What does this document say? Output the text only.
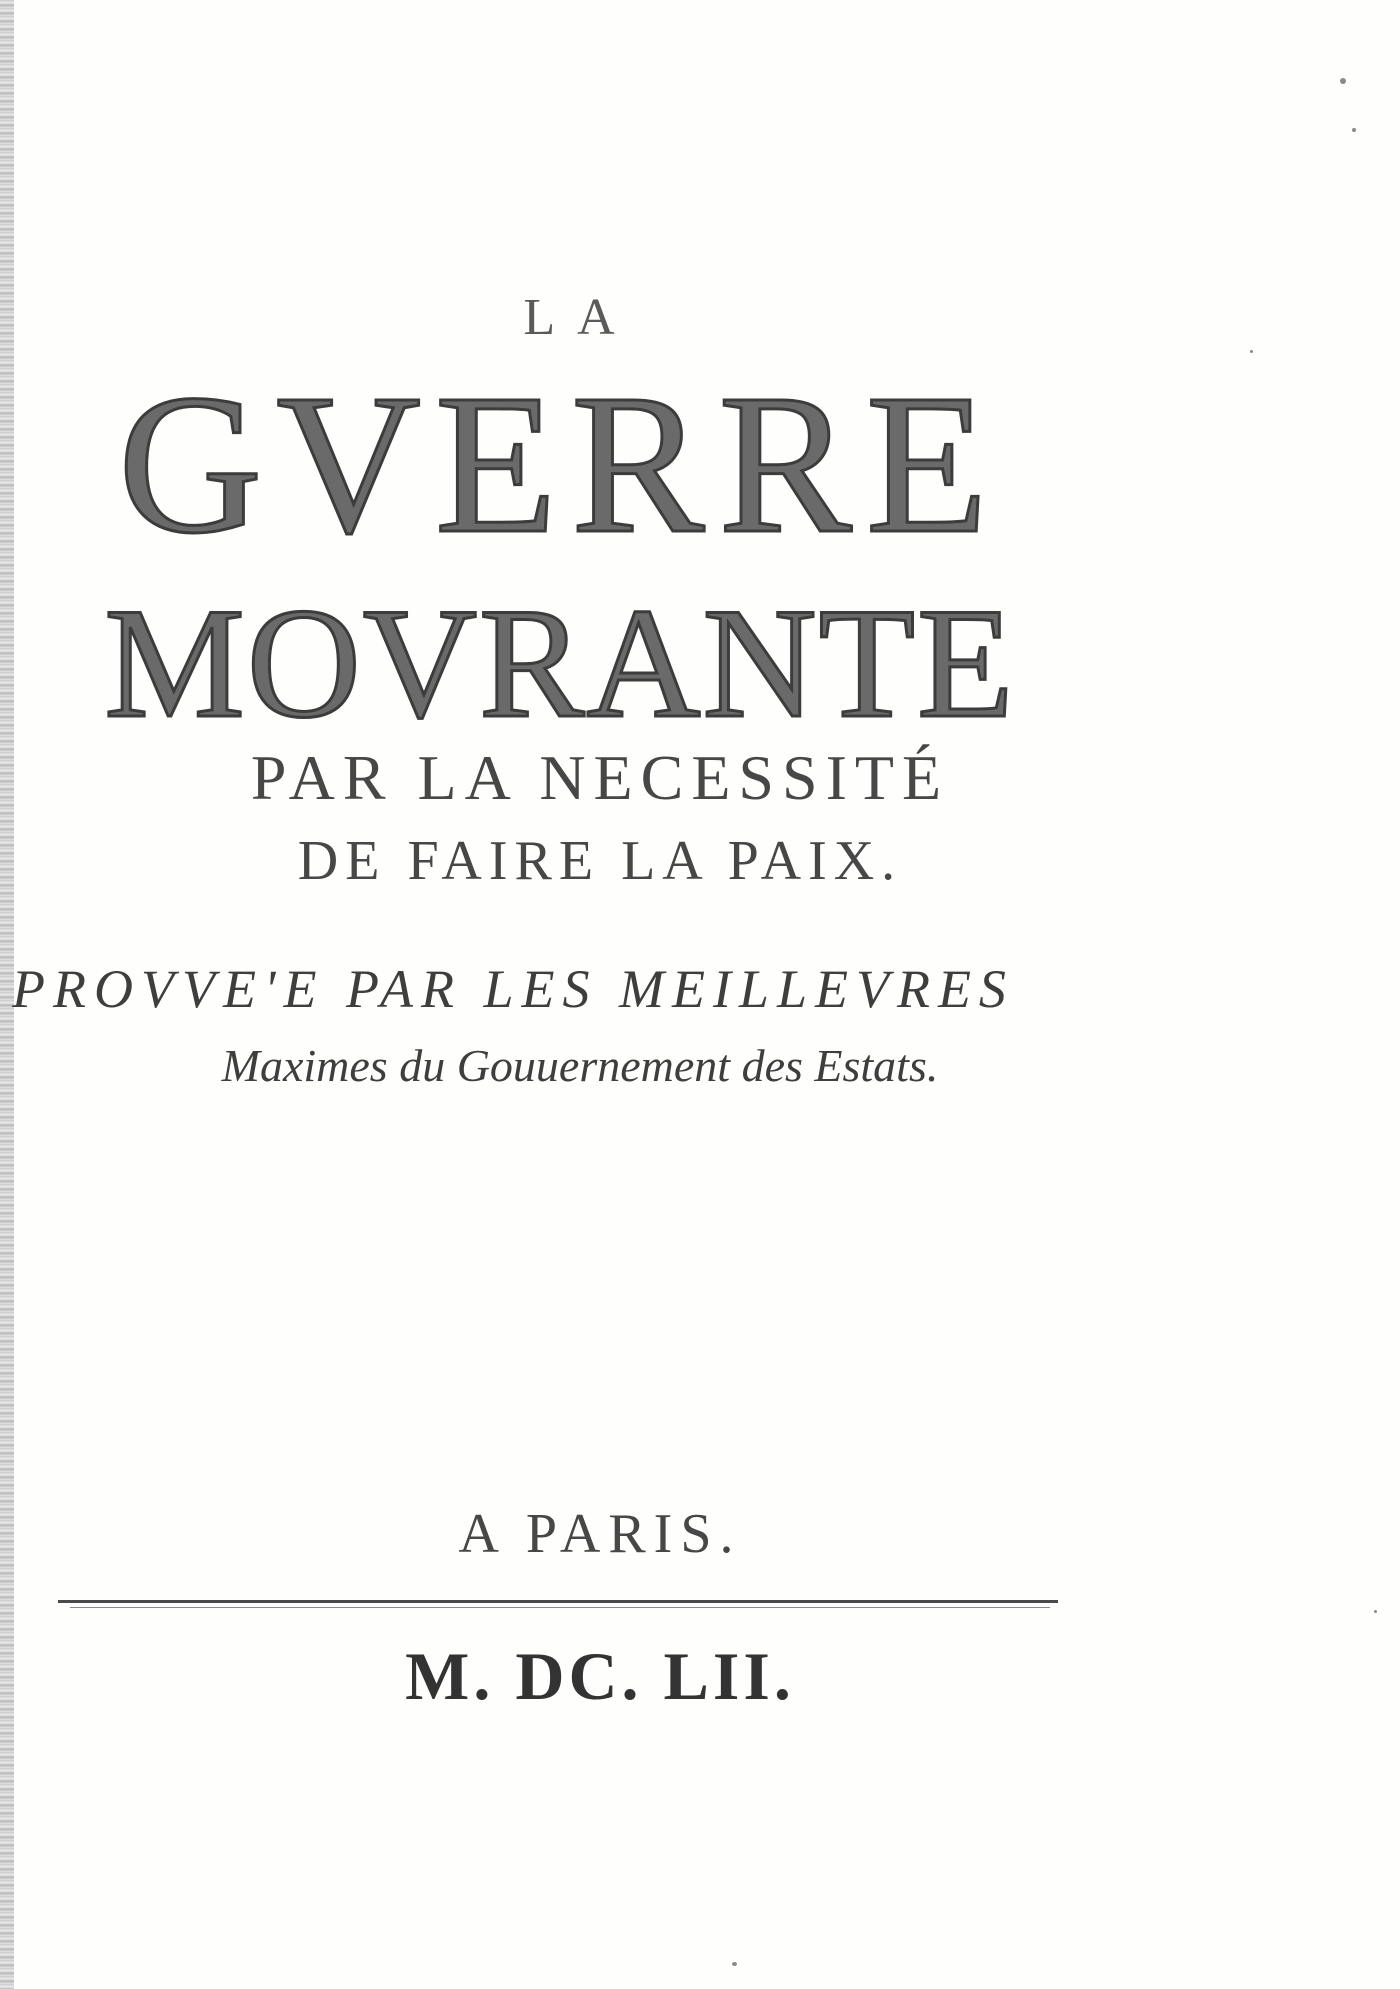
LA
GVERRE
MOVRANTE
PAR LA NECESSITÉ
DE FAIRE LA PAIX.
PROVVE'E PAR LES MEILLEVRES
Maximes du Gouuernement des Estats.
A PARIS.
M. DC. LII.
